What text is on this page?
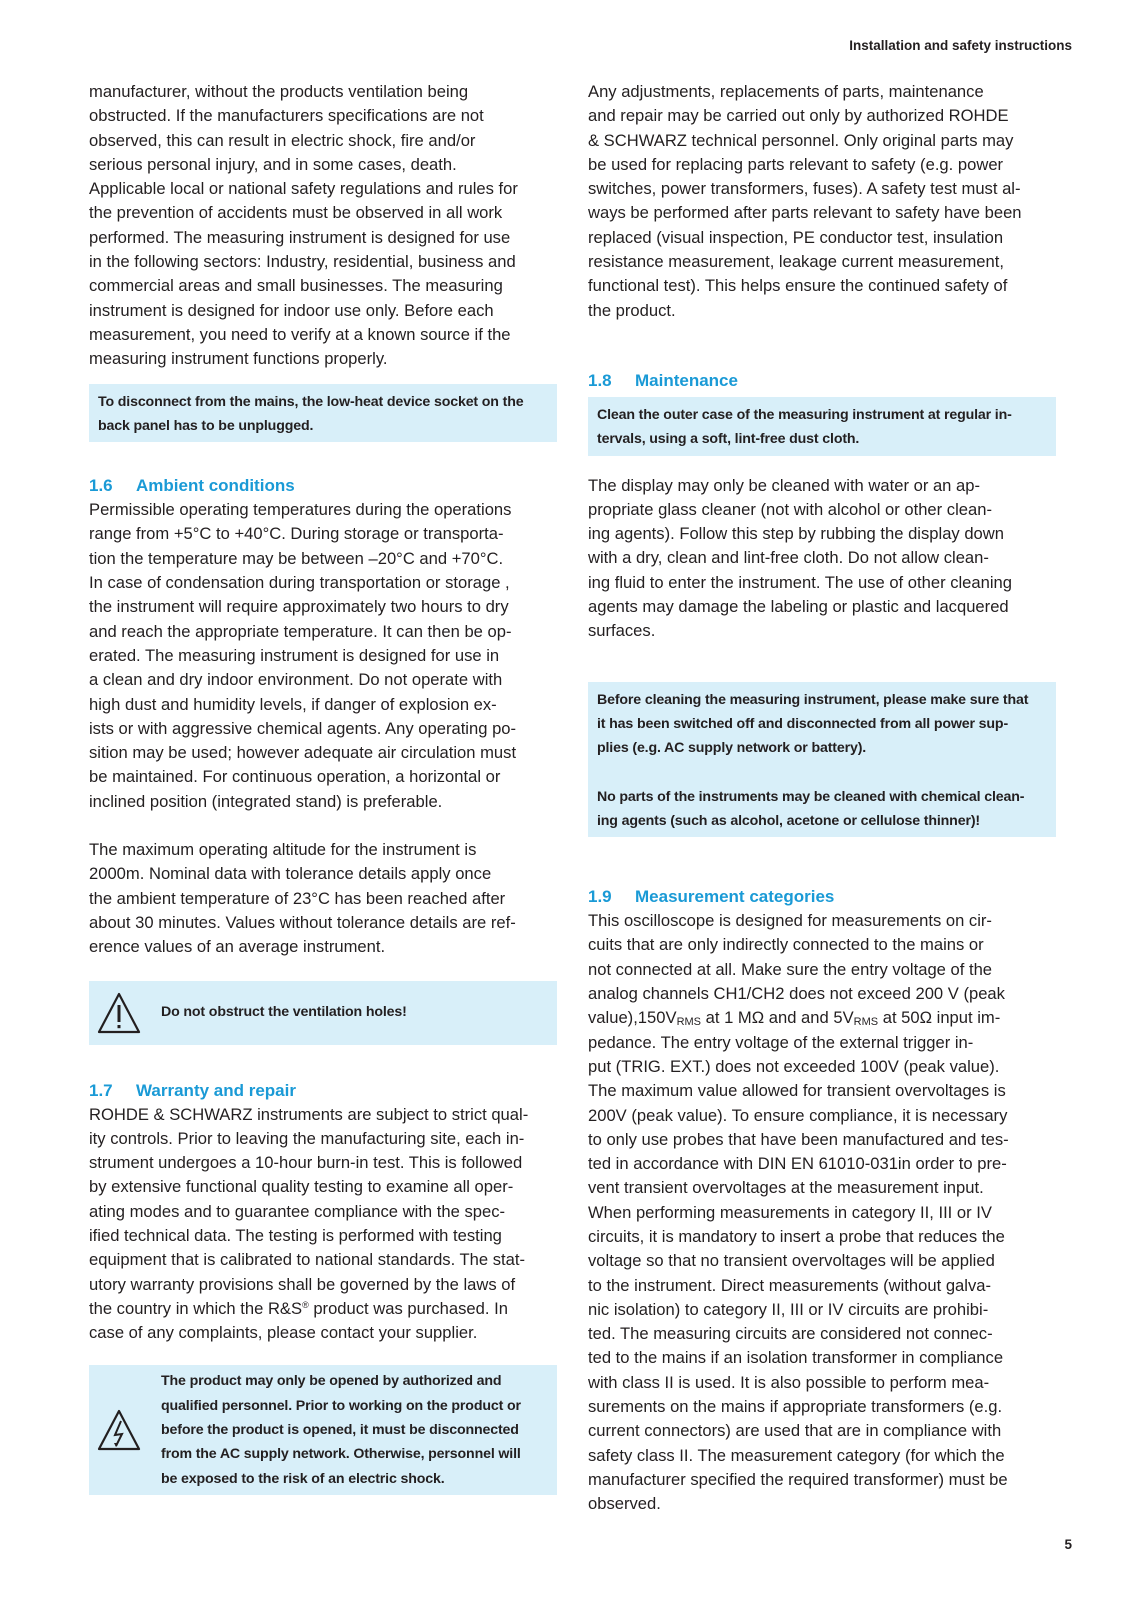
Installation and safety instructions
manufacturer, without the products ventilation being
obstructed. If the manufacturers specifications are not
observed, this can result in electric shock, fire and/or
serious personal injury, and in some cases, death.
Applicable local or national safety regulations and rules for
the prevention of accidents must be observed in all work
performed. The measuring instrument is designed for use
in the following sectors: Industry, residential, business and
commercial areas and small businesses. The measuring
instrument is designed for indoor use only. Before each
measurement, you need to verify at a known source if the
measuring instrument functions properly.

To disconnect from the mains, the low-heat device socket on the

back panel has to be unplugged.

1.6 Ambient conditions
Permissible operating temperatures during the operations
range from +5°C to +40°C. During storage or transporta-
tion the temperature may be between –20°C and +70°C.
In case of condensation during transportation or storage ,
the instrument will require approximately two hours to dry
and reach the appropriate temperature. It can then be op-
erated. The measuring instrument is designed for use in
a clean and dry indoor environment. Do not operate with
high dust and humidity levels, if danger of explosion ex-
ists or with aggressive chemical agents. Any operating po-
sition may be used; however adequate air circulation must
be maintained. For continuous operation, a horizontal or
inclined position (integrated stand) is preferable.
The maximum operating altitude for the instrument is
2000m. Nominal data with tolerance details apply once
the ambient temperature of 23°C has been reached after
about 30 minutes. Values without tolerance details are ref-
erence values of an average instrument.
Do not obstruct the ventilation holes!
1.7 Warranty and repair
ROHDE & SCHWARZ instruments are subject to strict qual-
ity controls. Prior to leaving the manufacturing site, each in-
strument undergoes a 10-hour burn-in test. This is followed
by extensive functional quality testing to examine all oper-
ating modes and to guarantee compliance with the spec-
ified technical data. The testing is performed with testing
equipment that is calibrated to national standards. The stat-
utory warranty provisions shall be governed by the laws of
the country in which the R&S® product was purchased. In
case of any complaints, please contact your supplier.

The product may only be opened by authorized and

qualified personnel. Prior to working on the product or

before the product is opened, it must be disconnected

from the AC supply network. Otherwise, personnel will

be exposed to the risk of an electric shock.

Any adjustments, replacements of parts, maintenance
and repair may be carried out only by authorized ROHDE
& SCHWARZ technical personnel. Only original parts may
be used for replacing parts relevant to safety (e.g. power
switches, power transformers, fuses). A safety test must al-
ways be performed after parts relevant to safety have been
replaced (visual inspection, PE conductor test, insulation
resistance measurement, leakage current measurement,
functional test). This helps ensure the continued safety of
the product.
1.8 Maintenance

Clean the outer case of the measuring instrument at regular in-

tervals, using a soft, lint-free dust cloth.

The display may only be cleaned with water or an ap-
propriate glass cleaner (not with alcohol or other clean-
ing agents). Follow this step by rubbing the display down
with a dry, clean and lint-free cloth. Do not allow clean-
ing fluid to enter the instrument. The use of other cleaning
agents may damage the labeling or plastic and lacquered
surfaces.

Before cleaning the measuring instrument, please make sure that

it has been switched off and disconnected from all power sup-

plies (e.g. AC supply network or battery).

No parts of the instruments may be cleaned with chemical clean-

ing agents (such as alcohol, acetone or cellulose thinner)!

1.9 Measurement categories
This oscilloscope is designed for measurements on cir-
cuits that are only indirectly connected to the mains or
not connected at all. Make sure the entry voltage of the
analog channels CH1/CH2 does not exceed 200 V (peak
$value),150V_{RMS}$ at 1 MΩ and and $5V_{RMS}$ at 50Ω input im-
pedance. The entry voltage of the external trigger in-
put (TRIG. EXT.) does not exceeded 100V (peak value).
The maximum value allowed for transient overvoltages is
200V (peak value). To ensure compliance, it is necessary
to only use probes that have been manufactured and tes-
ted in accordance with DIN EN 61010-031in order to pre-
vent transient overvoltages at the measurement input.
When performing measurements in category II, III or IV
circuits, it is mandatory to insert a probe that reduces the
voltage so that no transient overvoltages will be applied
to the instrument. Direct measurements (without galva-
nic isolation) to category II, III or IV circuits are prohibi-
ted. The measuring circuits are considered not connec-
ted to the mains if an isolation transformer in compliance
with class II is used. It is also possible to perform mea-
surements on the mains if appropriate transformers (e.g.
current connectors) are used that are in compliance with
safety class II. The measurement category (for which the
manufacturer specified the required transformer) must be
observed.
5
